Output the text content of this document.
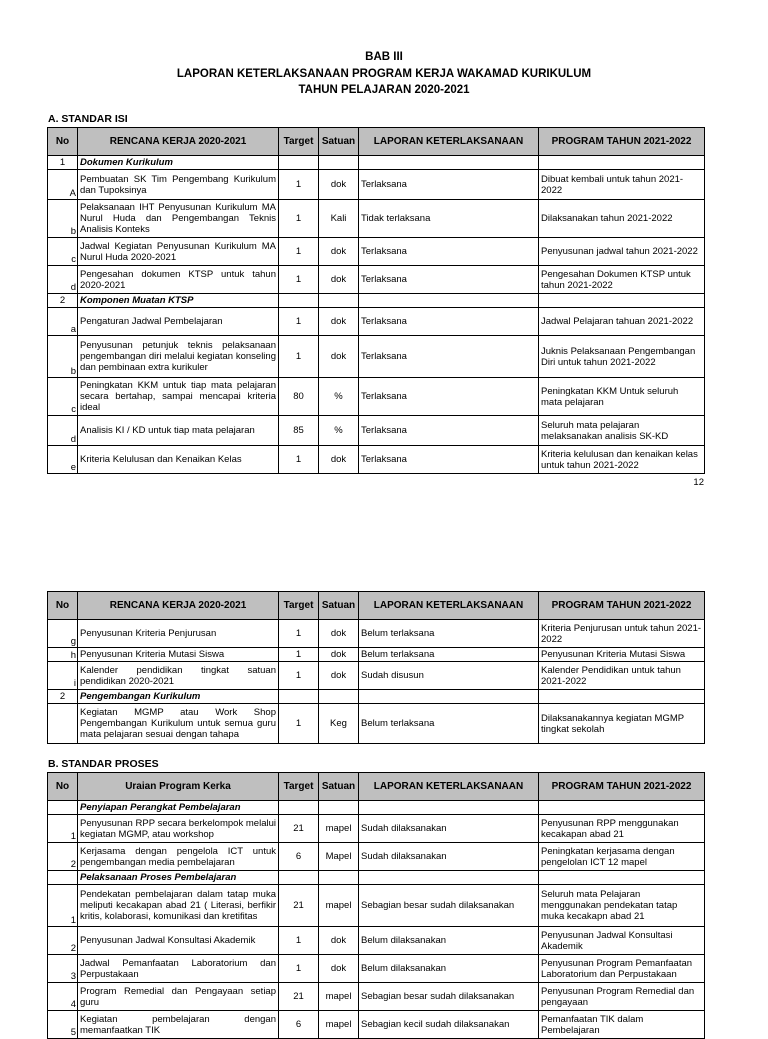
BAB III
LAPORAN KETERLAKSANAAN PROGRAM KERJA WAKAMAD KURIKULUM
TAHUN PELAJARAN 2020-2021
A. STANDAR ISI
No	RENCANA KERJA 2020-2021	Target	Satuan	LAPORAN KETERLAKSANAAN	PROGRAM TAHUN 2021-2022
1	Dokumen Kurikulum				
A	Pembuatan SK Tim Pengembang Kurikulum dan Tupoksinya	1	dok	Terlaksana	Dibuat kembali untuk tahun 2021-2022
b	Pelaksanaan IHT Penyusunan Kurikulum MA Nurul Huda dan Pengembangan Teknis Analisis Konteks	1	Kali	Tidak terlaksana	Dilaksanakan tahun 2021-2022
c	Jadwal Kegiatan Penyusunan Kurikulum MA Nurul Huda 2020-2021	1	dok	Terlaksana	Penyusunan jadwal tahun 2021-2022
d	Pengesahan dokumen KTSP untuk tahun 2020-2021	1	dok	Terlaksana	Pengesahan Dokumen KTSP untuk tahun 2021-2022
2	Komponen Muatan KTSP				
a	Pengaturan Jadwal Pembelajaran	1	dok	Terlaksana	Jadwal Pelajaran tahuan 2021-2022
b	Penyusunan petunjuk teknis pelaksanaan pengembangan diri melalui kegiatan konseling dan pembinaan extra kurikuler	1	dok	Terlaksana	Juknis Pelaksanaan Pengembangan Diri untuk tahun 2021-2022
c	Peningkatan KKM untuk tiap mata pelajaran secara bertahap, sampai mencapai kriteria ideal	80	%	Terlaksana	Peningkatan KKM Untuk seluruh mata pelajaran
d	Analisis KI / KD untuk tiap mata pelajaran	85	%	Terlaksana	Seluruh mata pelajaran melaksanakan analisis SK-KD
e	Kriteria Kelulusan dan Kenaikan Kelas	1	dok	Terlaksana	Kriteria kelulusan dan kenaikan kelas untuk tahun 2021-2022
12
No	RENCANA KERJA 2020-2021	Target	Satuan	LAPORAN KETERLAKSANAAN	PROGRAM TAHUN 2021-2022
g	Penyusunan Kriteria Penjurusan	1	dok	Belum terlaksana	Kriteria Penjurusan untuk tahun 2021-2022
h	Penyusunan Kriteria Mutasi Siswa	1	dok	Belum terlaksana	Penyusunan Kriteria Mutasi Siswa
i	Kalender pendidikan tingkat satuan pendidikan 2020-2021	1	dok	Sudah disusun	Kalender Pendidikan untuk tahun 2021-2022
2	Pengembangan Kurikulum				
	Kegiatan MGMP atau Work Shop Pengembangan Kurikulum untuk semua guru mata pelajaran sesuai dengan tahapa	1	Keg	Belum terlaksana	Dilaksanakannya kegiatan MGMP tingkat sekolah
B. STANDAR PROSES
No	Uraian Program Kerka	Target	Satuan	LAPORAN KETERLAKSANAAN	PROGRAM TAHUN 2021-2022
	Penyiapan Perangkat Pembelajaran				
1	Penyusunan RPP secara berkelompok melalui kegiatan MGMP, atau workshop	21	mapel	Sudah dilaksanakan	Penyusunan RPP menggunakan kecakapan abad 21
2	Kerjasama dengan pengelola ICT untuk pengembangan media pembelajaran	6	Mapel	Sudah dilaksanakan	Peningkatan kerjasama dengan pengelolan ICT 12 mapel
	Pelaksanaan Proses Pembelajaran				
1	Pendekatan pembelajaran dalam tatap muka meliputi kecakapan abad 21 ( Literasi, berfikir kritis, kolaborasi, komunikasi dan kretifitas	21	mapel	Sebagian besar sudah dilaksanakan	Seluruh mata Pelajaran menggunakan pendekatan tatap muka kecakapn abad 21
2	Penyusunan Jadwal Konsultasi Akademik	1	dok	Belum dilaksanakan	Penyusunan Jadwal Konsultasi Akademik
3	Jadwal Pemanfaatan Laboratorium dan Perpustakaan	1	dok	Belum dilaksanakan	Penyusunan Program Pemanfaatan Laboratorium dan Perpustakaan
4	Program Remedial dan Pengayaan setiap guru	21	mapel	Sebagian besar sudah dilaksanakan	Penyusunan Program Remedial dan pengayaan
5	Kegiatan pembelajaran dengan memanfaatkan TIK	6	mapel	Sebagian kecil sudah dilaksanakan	Pemanfaatan TIK dalam Pembelajaran
